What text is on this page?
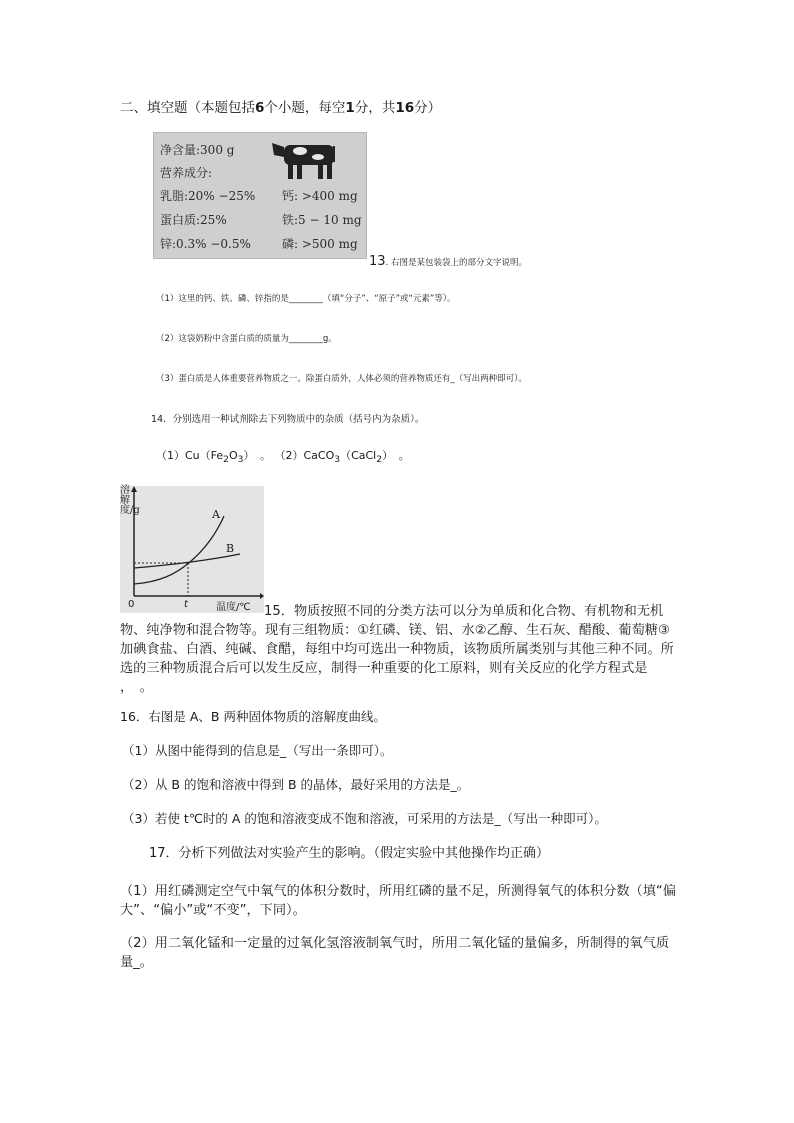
二、填空题（本题包括6个小题，每空1分，共16分）
净含量:300 g
营养成分:
乳脂:20% −25% 钙: >400 mg
蛋白质:25%	铁:5 − 10 mg
锌:0.3% −0.5%	磷: >500 mg
13. 右图是某包装袋上的部分文字说明。
（1）这里的钙、铁、磷、锌指的是________（填“分子”、“原子”或“元素”等）。
（2）这袋奶粉中含蛋白质的质量为________g。
（3）蛋白质是人体重要营养物质之一。除蛋白质外，人体必须的营养物质还有_（写出两种即可）。
14．分别选用一种试剂除去下列物质中的杂质（括号内为杂质）。
$(1)Cu(Fe_2O_3)$　。 （2）CaCO$_3$（CaCl$_2$）　。
溶解度/g	A
B
0	t	温度/℃	15．物质按照不同的分类方法可以分为单质和化合物、有机物和无机物、纯净物和混合物等。现有三组物质：①红磷、镁、铝、水②乙醇、生石灰、醋酸、葡萄糖③加碘食盐、白酒、纯碱、食醋，每组中均可选出一种物质，该物质所属类别与其他三种不同。所选的三种物质混合后可以发生反应，制得一种重要的化工原料，则有关反应的化学方程式是 ，　。
16．右图是 A、B 两种固体物质的溶解度曲线。
（1）从图中能得到的信息是_（写出一条即可）。
（2）从 B 的饱和溶液中得到 B 的晶体，最好采用的方法是_。
（3）若使 t℃时的 A 的饱和溶液变成不饱和溶液，可采用的方法是_（写出一种即可）。
17．分析下列做法对实验产生的影响。（假定实验中其他操作均正确）
（1）用红磷测定空气中氧气的体积分数时，所用红磷的量不足，所测得氧气的体积分数（填“偏大”、“偏小”或“不变”，下同）。
（2）用二氧化锰和一定量的过氧化氢溶液制氧气时，所用二氧化锰的量偏多，所制得的氧气质量_。
